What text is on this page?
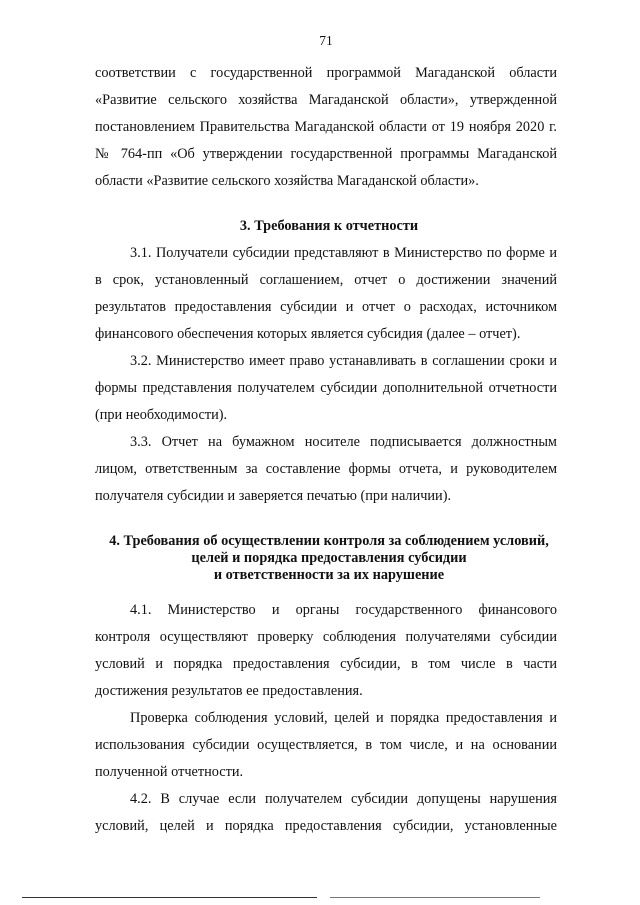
71
соответствии с государственной программой Магаданской области
«Развитие сельского хозяйства Магаданской области», утвержденной
постановлением Правительства Магаданской области от 19 ноября 2020 г.
№ 764-пп «Об утверждении государственной программы Магаданской
области «Развитие сельского хозяйства Магаданской области».
3. Требования к отчетности
3.1. Получатели субсидии представляют в Министерство по форме и
в срок, установленный соглашением, отчет о достижении значений
результатов предоставления субсидии и отчет о расходах, источником
финансового обеспечения которых является субсидия (далее – отчет).
3.2. Министерство имеет право устанавливать в соглашении сроки и
формы представления получателем субсидии дополнительной отчетности
(при необходимости).
3.3. Отчет на бумажном носителе подписывается должностным
лицом, ответственным за составление формы отчета, и руководителем
получателя субсидии и заверяется печатью (при наличии).
4. Требования об осуществлении контроля за соблюдением условий,
целей и порядка предоставления субсидии
и ответственности за их нарушение
4.1. Министерство и органы государственного финансового
контроля осуществляют проверку соблюдения получателями субсидии
условий и порядка предоставления субсидии, в том числе в части
достижения результатов ее предоставления.
Проверка соблюдения условий, целей и порядка предоставления и
использования субсидии осуществляется, в том числе, и на основании
полученной отчетности.
4.2. В случае если получателем субсидии допущены нарушения
условий, целей и порядка предоставления субсидии, установленные
